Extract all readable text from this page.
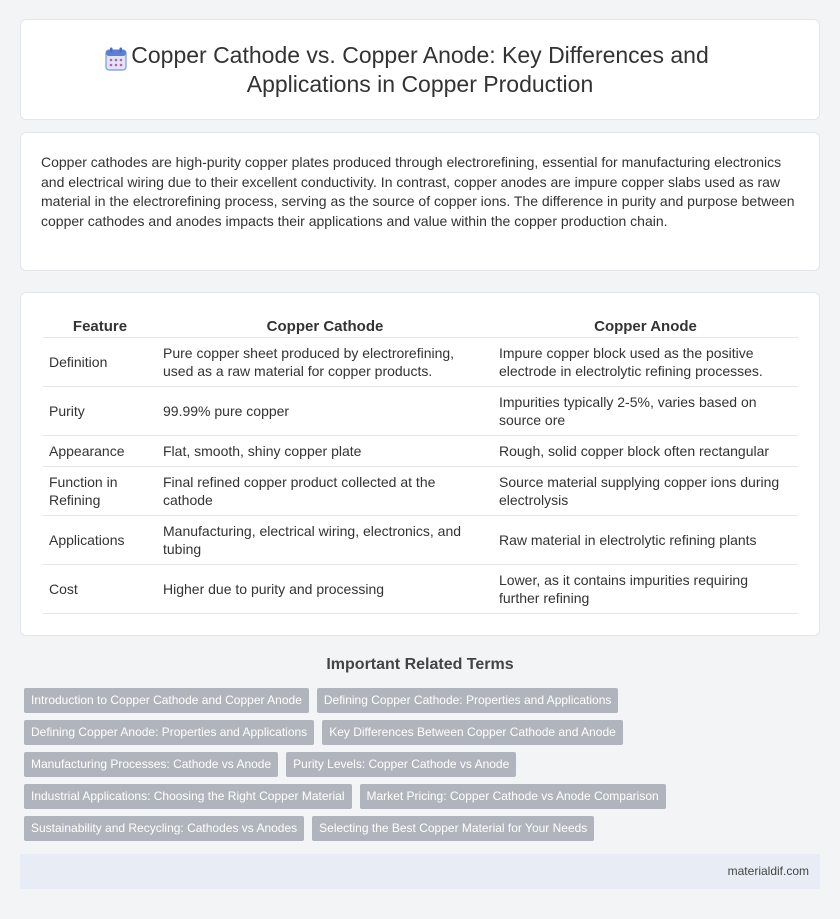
Copper Cathode vs. Copper Anode: Key Differences and Applications in Copper Production

Copper cathodes are high-purity copper plates produced through electrorefining, essential for manufacturing electronics and electrical wiring due to their excellent conductivity. In contrast, copper anodes are impure copper slabs used as raw material in the electrorefining process, serving as the source of copper ions. The difference in purity and purpose between copper cathodes and anodes impacts their applications and value within the copper production chain.

Feature	Copper Cathode	Copper Anode
Definition	Pure copper sheet produced by electrorefining, used as a raw material for copper products.	Impure copper block used as the positive electrode in electrolytic refining processes.
Purity	99.99% pure copper	Impurities typically 2-5%, varies based on source ore
Appearance	Flat, smooth, shiny copper plate	Rough, solid copper block often rectangular
Function in Refining	Final refined copper product collected at the cathode	Source material supplying copper ions during electrolysis
Applications	Manufacturing, electrical wiring, electronics, and tubing	Raw material in electrolytic refining plants
Cost	Higher due to purity and processing	Lower, as it contains impurities requiring further refining
Important Related Terms
Introduction to Copper Cathode and Copper Anode	Defining Copper Cathode: Properties and Applications
Defining Copper Anode: Properties and Applications	Key Differences Between Copper Cathode and Anode
Manufacturing Processes: Cathode vs Anode	Purity Levels: Copper Cathode vs Anode
Industrial Applications: Choosing the Right Copper Material	Market Pricing: Copper Cathode vs Anode Comparison
Sustainability and Recycling: Cathodes vs Anodes	Selecting the Best Copper Material for Your Needs
materialdif.com
